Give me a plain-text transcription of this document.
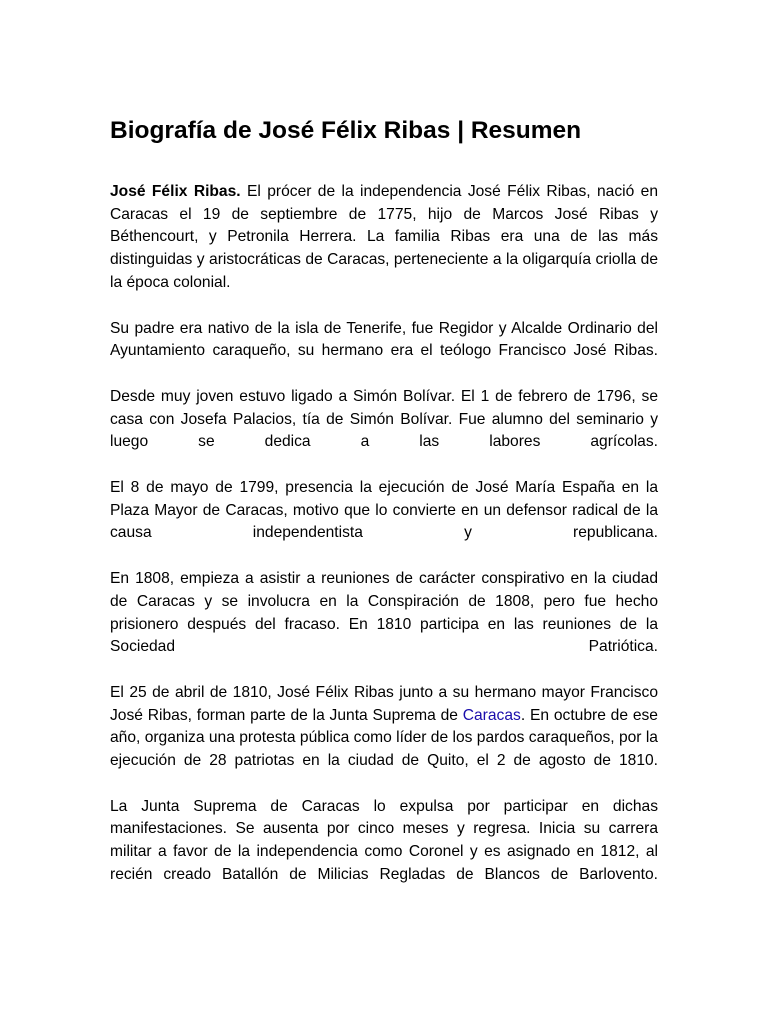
Biografía de José Félix Ribas | Resumen

José Félix Ribas. El prócer de la independencia José Félix Ribas, nació en Caracas el 19 de septiembre de 1775, hijo de Marcos José Ribas y Béthencourt, y Petronila Herrera. La familia Ribas era una de las más distinguidas y aristocráticas de Caracas, perteneciente a la oligarquía criolla de la época colonial.

Su padre era nativo de la isla de Tenerife, fue Regidor y Alcalde Ordinario del Ayuntamiento caraqueño, su hermano era el teólogo Francisco José Ribas.

Desde muy joven estuvo ligado a Simón Bolívar. El 1 de febrero de 1796, se casa con Josefa Palacios, tía de Simón Bolívar. Fue alumno del seminario y luego se dedica a las labores agrícolas.

El 8 de mayo de 1799, presencia la ejecución de José María España en la Plaza Mayor de Caracas, motivo que lo convierte en un defensor radical de la causa independentista y republicana.

En 1808, empieza a asistir a reuniones de carácter conspirativo en la ciudad de Caracas y se involucra en la Conspiración de 1808, pero fue hecho prisionero después del fracaso. En 1810 participa en las reuniones de la Sociedad Patriótica.

El 25 de abril de 1810, José Félix Ribas junto a su hermano mayor Francisco José Ribas, forman parte de la Junta Suprema de Caracas. En octubre de ese año, organiza una protesta pública como líder de los pardos caraqueños, por la ejecución de 28 patriotas en la ciudad de Quito, el 2 de agosto de 1810.

La Junta Suprema de Caracas lo expulsa por participar en dichas manifestaciones. Se ausenta por cinco meses y regresa. Inicia su carrera militar a favor de la independencia como Coronel y es asignado en 1812, al recién creado Batallón de Milicias Regladas de Blancos de Barlovento.
